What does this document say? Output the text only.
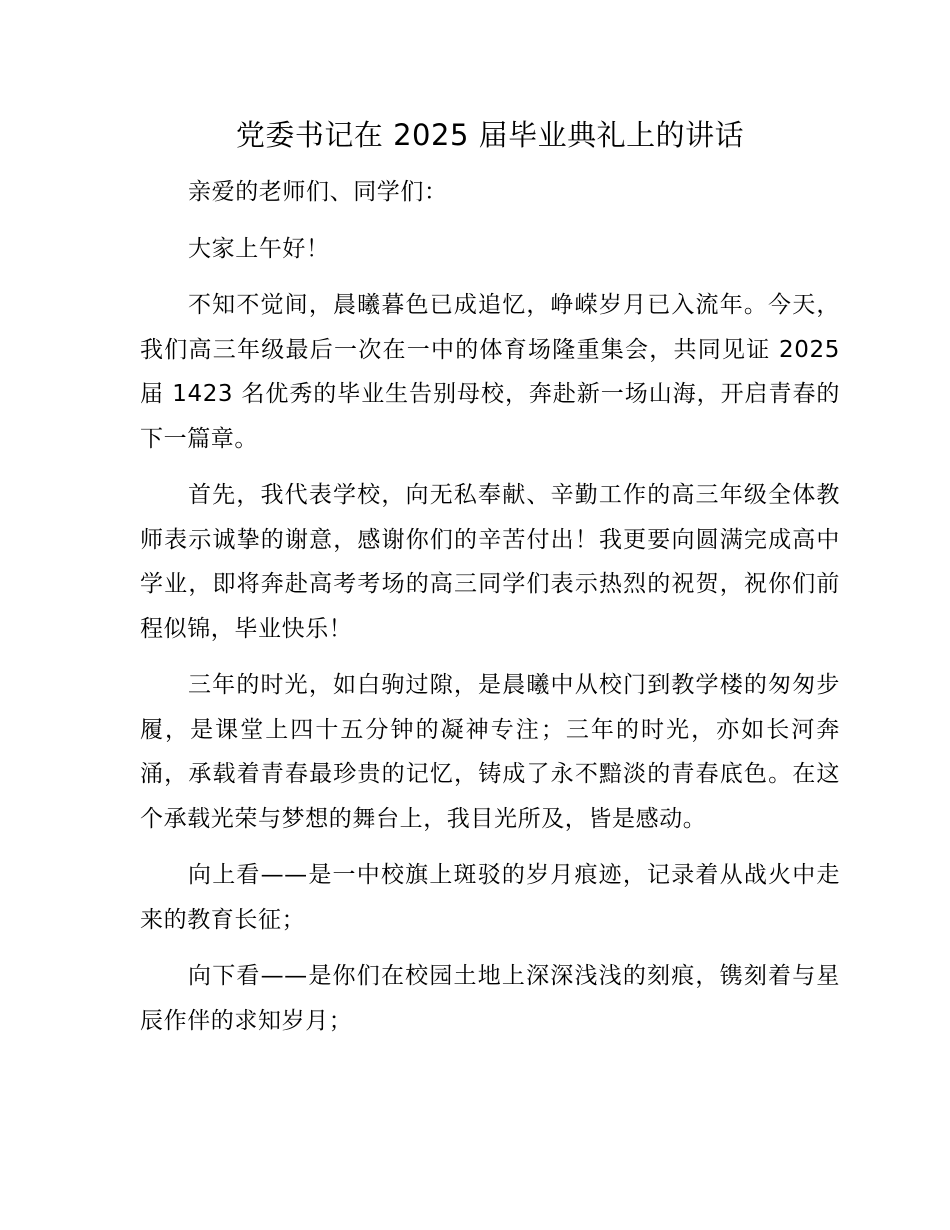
党委书记在 2025 届毕业典礼上的讲话

亲爱的老师们、同学们：

大家上午好！

不知不觉间，晨曦暮色已成追忆，峥嵘岁月已入流年。今天，我们高三年级最后一次在一中的体育场隆重集会，共同见证 2025 届 1423 名优秀的毕业生告别母校，奔赴新一场山海，开启青春的下一篇章。

首先，我代表学校，向无私奉献、辛勤工作的高三年级全体教师表示诚挚的谢意，感谢你们的辛苦付出！我更要向圆满完成高中学业，即将奔赴高考考场的高三同学们表示热烈的祝贺，祝你们前程似锦，毕业快乐！

三年的时光，如白驹过隙，是晨曦中从校门到教学楼的匆匆步履，是课堂上四十五分钟的凝神专注；三年的时光，亦如长河奔涌，承载着青春最珍贵的记忆，铸成了永不黯淡的青春底色。在这个承载光荣与梦想的舞台上，我目光所及，皆是感动。

向上看——是一中校旗上斑驳的岁月痕迹，记录着从战火中走来的教育长征；

向下看——是你们在校园土地上深深浅浅的刻痕，镌刻着与星辰作伴的求知岁月；
